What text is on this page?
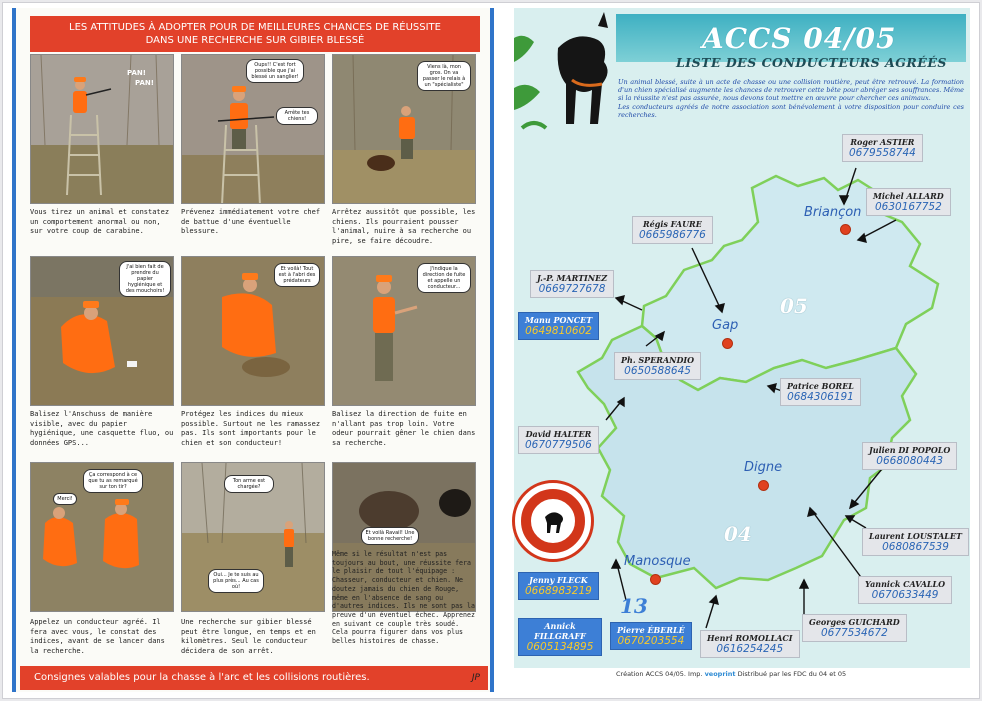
LES ATTITUDES À ADOPTER POUR DE MEILLEURES CHANCES DE RÉUSSITE
DANS UNE RECHERCHE SUR GIBIER BLESSÉ
PAN!
PAN!
Vous tirez un animal et constatez un comportement anormal ou non, sur votre coup de carabine.
Oups!! C'est fort possible que j'ai blessé un sanglier!
Arrête tes chiens!
Prévenez immédiatement votre chef de battue d'une éventuelle blessure.
Viens là, mon gros. On va passer le relais à un "spécialiste"
Arrêtez aussitôt que possible, les chiens. Ils pourraient pousser l'animal, nuire à sa recherche ou pire, se faire découdre.
J'ai bien fait de prendre du papier hygiénique et des mouchoirs!
Balisez l'Anschuss de manière visible, avec du papier hygiénique, une casquette fluo, ou données GPS...
Et voilà! Tout est à l'abri des prédateurs
Protégez les indices du mieux possible. Surtout ne les ramassez pas. Ils sont importants pour le chien et son conducteur!
J'indique la direction de fuite et appelle un conducteur...
Balisez la direction de fuite en n'allant pas trop loin. Votre odeur pourrait gêner le chien dans sa recherche.
Ça correspond à ce que tu as remarqué sur ton tir?
Merci!
Appelez un conducteur agréé. Il fera avec vous, le constat des indices, avant de se lancer dans la recherche.
Ton arme est chargée?
Oui... Je te suis au plus près... Au cas où!
Une recherche sur gibier blessé peut être longue, en temps et en kilomètres. Seul le conducteur décidera de son arrêt.
Et voilà Ravail! Une bonne recherche!
Même si le résultat n'est pas toujours au bout, une réussite fera le plaisir de tout l'équipage : Chasseur, conducteur et chien. Ne doutez jamais du chien de Rouge, même en l'absence de sang ou d'autres indices. Ils ne sont pas la preuve d'un éventuel échec. Apprenez en suivant ce couple très soudé. Cela pourra figurer dans vos plus belles histoires de chasse.
Consignes valables pour la chasse à l'arc et les collisions routières.	JP
ACCS 04/05
LISTE DES CONDUCTEURS AGRÉÉS

Un animal blessé, suite à un acte de chasse ou une collision routière, peut être retrouvé. La formation d'un chien spécialisé augmente les chances de retrouver cette bête pour abréger ses souffrances. Même si la réussite n'est pas assurée, nous devons tout mettre en œuvre pour chercher ces animaux.

Les conducteurs agréés de notre association sont bénévolement à votre disposition pour conduire ces recherches.

Briançon
Gap
Digne
Manosque
05
04
Roger ASTIER
0679558744
Michel ALLARD
0630167752
Régis FAURE
0665986776
J.-P. MARTINEZ
0669727678
Manu PONCET
0649810602
Ph. SPERANDIO
0650588645
Patrice BOREL
0684306191
David HALTER
0670779506	Julien DI POPOLO
0668080443
Laurent LOUSTALET
0680867539
Yannick CAVALLO
0670633449
Georges GUICHARD
0677534672
Henri ROMOLLACI
0616254245
Jenny FLECK
0668983219
Annick FILLGRAFF
0605134895
13
Pierre ÉBERLÉ
0670203554
Création ACCS 04/05. Imp. veoprint Distribué par les FDC du 04 et 05
